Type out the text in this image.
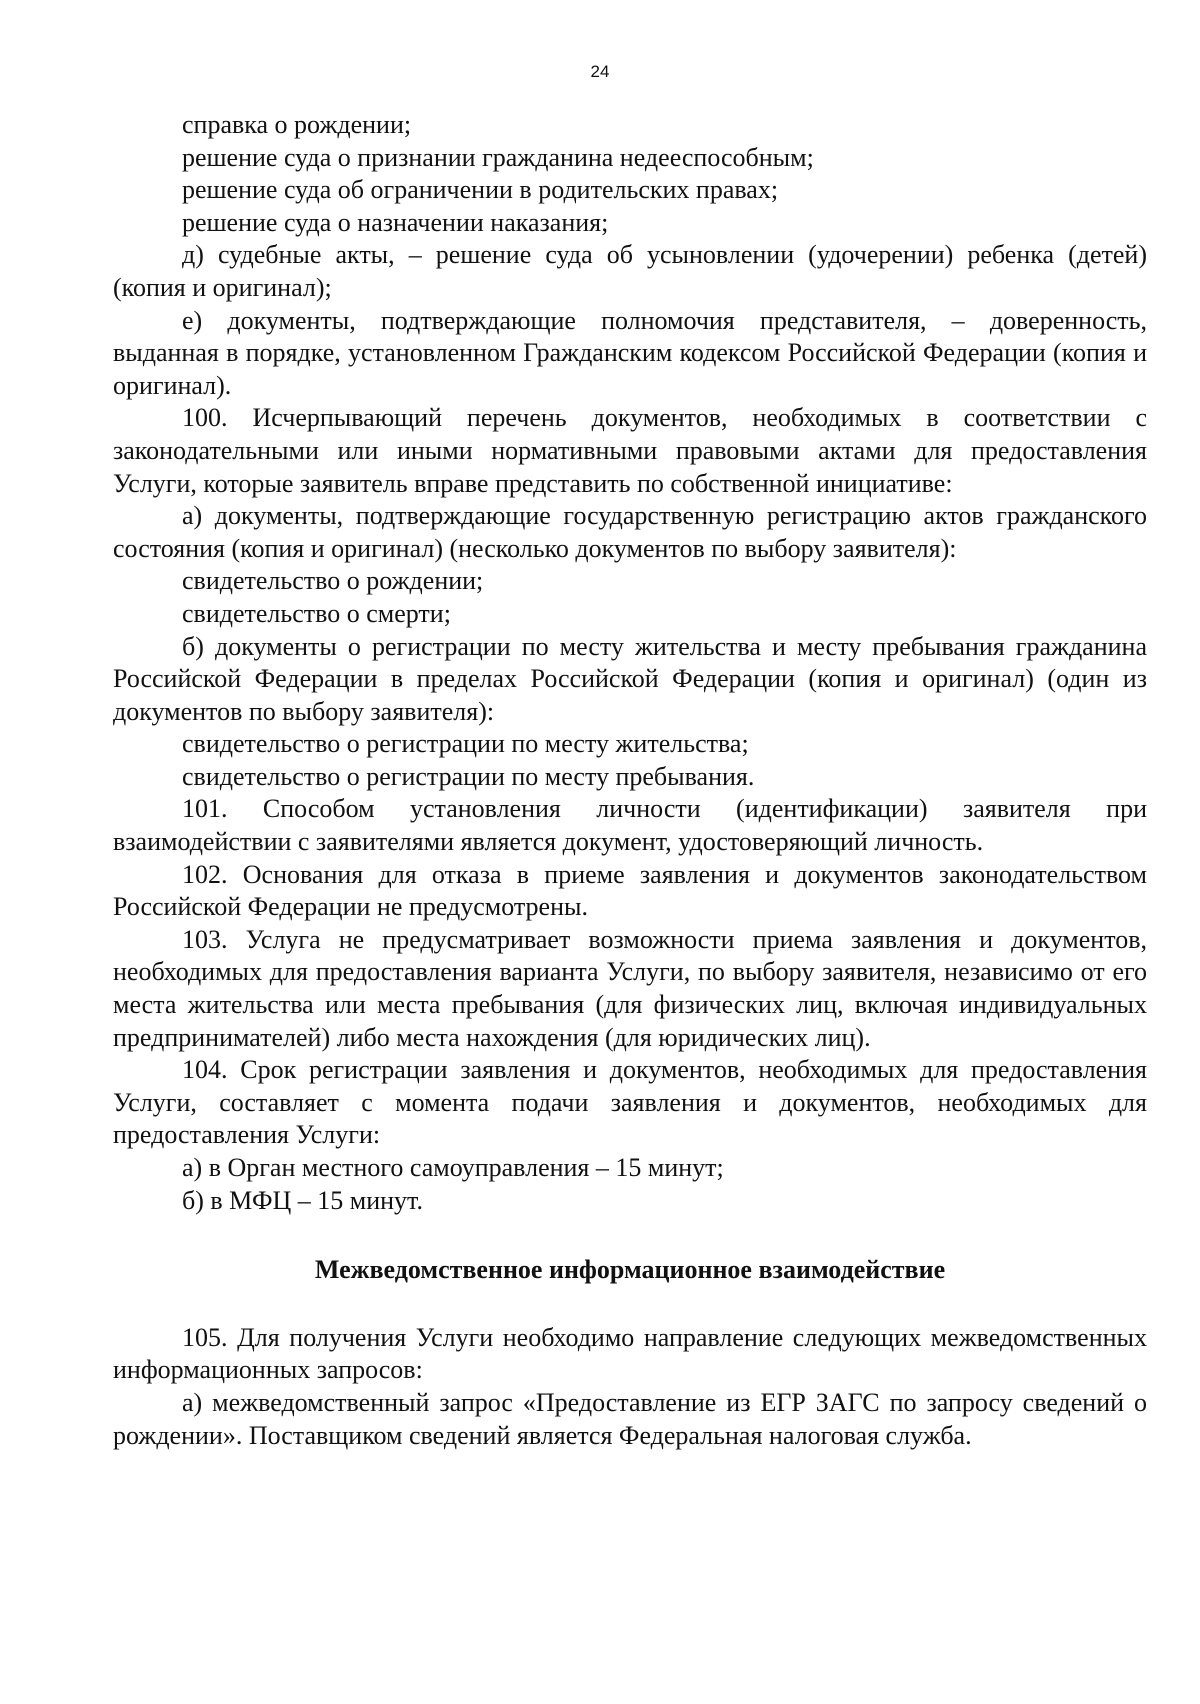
24

справка о рождении;

решение суда о признании гражданина недееспособным;

решение суда об ограничении в родительских правах;

решение суда о назначении наказания;

д) судебные акты, – решение суда об усыновлении (удочерении) ребенка (детей) (копия и оригинал);

е) документы, подтверждающие полномочия представителя, – доверенность, выданная в порядке, установленном Гражданским кодексом Российской Федерации (копия и оригинал).

100. Исчерпывающий перечень документов, необходимых в соответствии с законодательными или иными нормативными правовыми актами для предоставления Услуги, которые заявитель вправе представить по собственной инициативе:

а) документы, подтверждающие государственную регистрацию актов гражданского состояния (копия и оригинал) (несколько документов по выбору заявителя):

свидетельство о рождении;

свидетельство о смерти;

б) документы о регистрации по месту жительства и месту пребывания гражданина Российской Федерации в пределах Российской Федерации (копия и оригинал) (один из документов по выбору заявителя):

свидетельство о регистрации по месту жительства;

свидетельство о регистрации по месту пребывания.

101. Способом установления личности (идентификации) заявителя при взаимодействии с заявителями является документ, удостоверяющий личность.

102. Основания для отказа в приеме заявления и документов законодательством Российской Федерации не предусмотрены.

103. Услуга не предусматривает возможности приема заявления и документов, необходимых для предоставления варианта Услуги, по выбору заявителя, независимо от его места жительства или места пребывания (для физических лиц, включая индивидуальных предпринимателей) либо места нахождения (для юридических лиц).

104. Срок регистрации заявления и документов, необходимых для предоставления Услуги, составляет с момента подачи заявления и документов, необходимых для предоставления Услуги:

а) в Орган местного самоуправления – 15 минут;

б) в МФЦ – 15 минут.

Межведомственное информационное взаимодействие

105. Для получения Услуги необходимо направление следующих межведомственных информационных запросов:

а) межведомственный запрос «Предоставление из ЕГР ЗАГС по запросу сведений о рождении». Поставщиком сведений является Федеральная налоговая служба.
